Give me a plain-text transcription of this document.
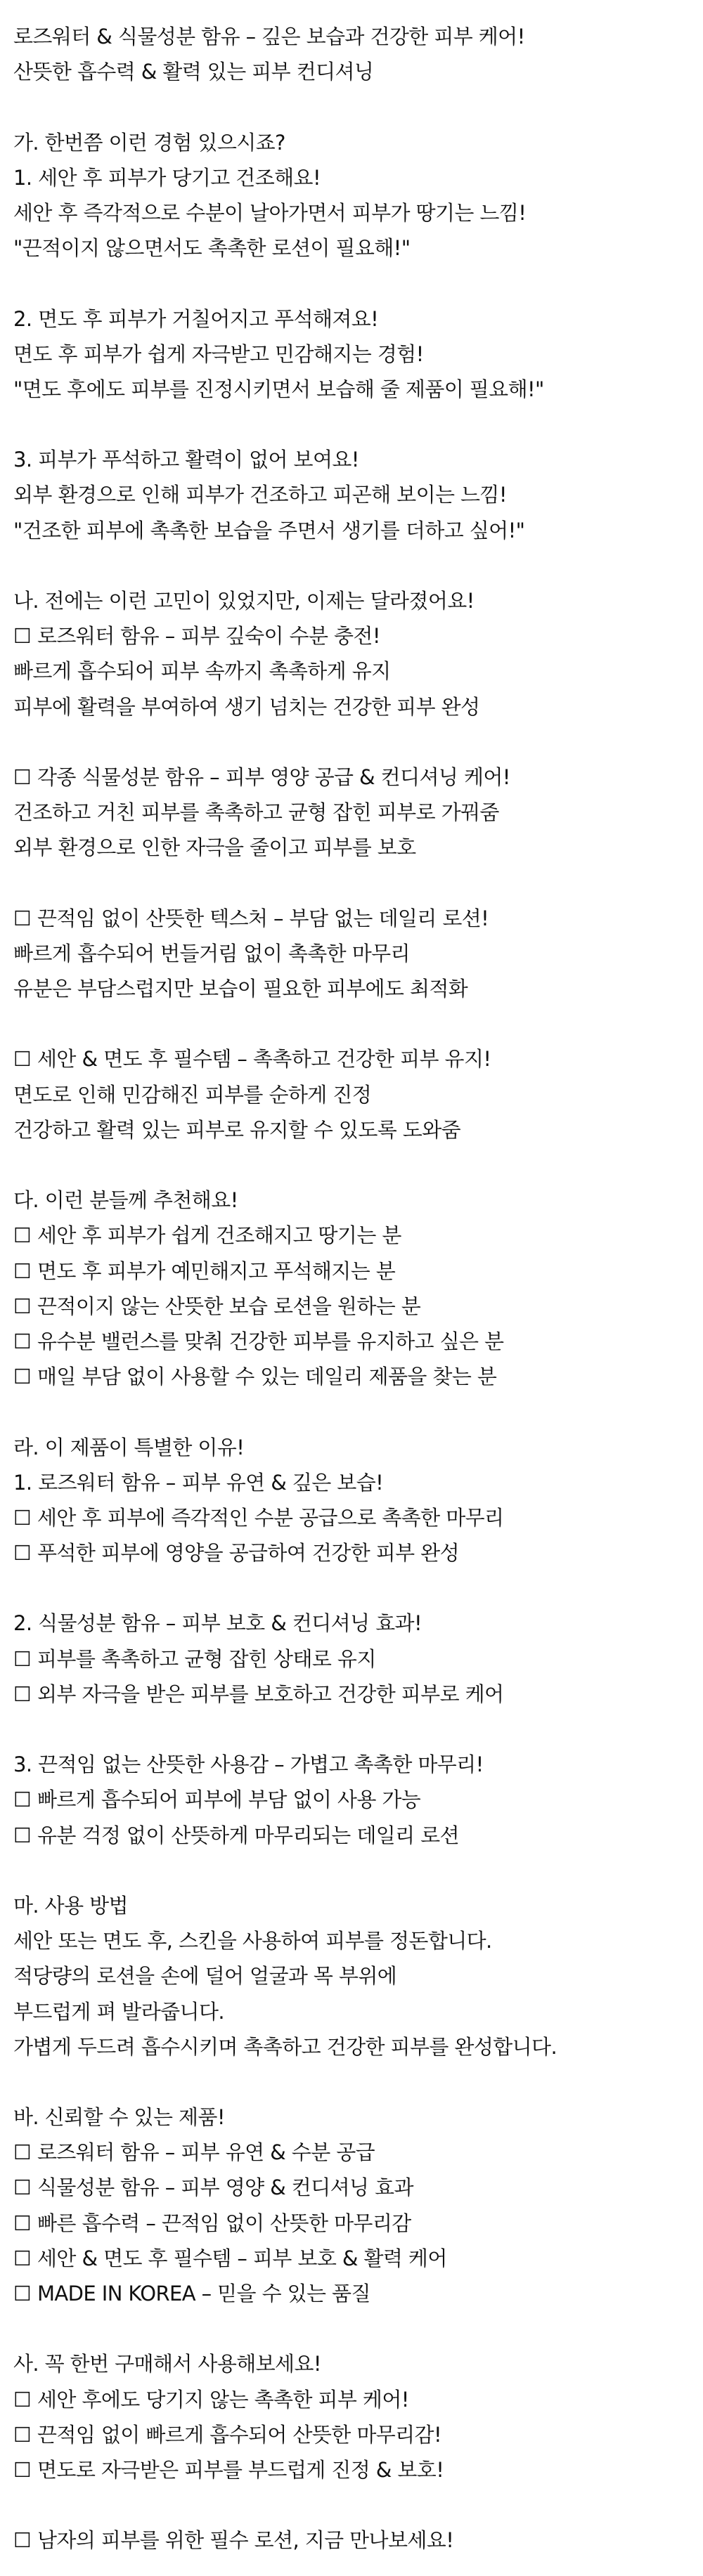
로즈워터 & 식물성분 함유 – 깊은 보습과 건강한 피부 케어!
산뜻한 흡수력 & 활력 있는 피부 컨디셔닝
가. 한번쯤 이런 경험 있으시죠?
1. 세안 후 피부가 당기고 건조해요!
세안 후 즉각적으로 수분이 날아가면서 피부가 땅기는 느낌!
"끈적이지 않으면서도 촉촉한 로션이 필요해!"
2. 면도 후 피부가 거칠어지고 푸석해져요!
면도 후 피부가 쉽게 자극받고 민감해지는 경험!
"면도 후에도 피부를 진정시키면서 보습해 줄 제품이 필요해!"
3. 피부가 푸석하고 활력이 없어 보여요!
외부 환경으로 인해 피부가 건조하고 피곤해 보이는 느낌!
"건조한 피부에 촉촉한 보습을 주면서 생기를 더하고 싶어!"
나. 전에는 이런 고민이 있었지만, 이제는 달라졌어요!
☐ 로즈워터 함유 – 피부 깊숙이 수분 충전!
빠르게 흡수되어 피부 속까지 촉촉하게 유지
피부에 활력을 부여하여 생기 넘치는 건강한 피부 완성
☐ 각종 식물성분 함유 – 피부 영양 공급 & 컨디셔닝 케어!
건조하고 거친 피부를 촉촉하고 균형 잡힌 피부로 가꿔줌
외부 환경으로 인한 자극을 줄이고 피부를 보호
☐ 끈적임 없이 산뜻한 텍스처 – 부담 없는 데일리 로션!
빠르게 흡수되어 번들거림 없이 촉촉한 마무리
유분은 부담스럽지만 보습이 필요한 피부에도 최적화
☐ 세안 & 면도 후 필수템 – 촉촉하고 건강한 피부 유지!
면도로 인해 민감해진 피부를 순하게 진정
건강하고 활력 있는 피부로 유지할 수 있도록 도와줌
다. 이런 분들께 추천해요!
☐ 세안 후 피부가 쉽게 건조해지고 땅기는 분
☐ 면도 후 피부가 예민해지고 푸석해지는 분
☐ 끈적이지 않는 산뜻한 보습 로션을 원하는 분
☐ 유수분 밸런스를 맞춰 건강한 피부를 유지하고 싶은 분
☐ 매일 부담 없이 사용할 수 있는 데일리 제품을 찾는 분
라. 이 제품이 특별한 이유!
1. 로즈워터 함유 – 피부 유연 & 깊은 보습!
☐ 세안 후 피부에 즉각적인 수분 공급으로 촉촉한 마무리
☐ 푸석한 피부에 영양을 공급하여 건강한 피부 완성
2. 식물성분 함유 – 피부 보호 & 컨디셔닝 효과!
☐ 피부를 촉촉하고 균형 잡힌 상태로 유지
☐ 외부 자극을 받은 피부를 보호하고 건강한 피부로 케어
3. 끈적임 없는 산뜻한 사용감 – 가볍고 촉촉한 마무리!
☐ 빠르게 흡수되어 피부에 부담 없이 사용 가능
☐ 유분 걱정 없이 산뜻하게 마무리되는 데일리 로션
마. 사용 방법
세안 또는 면도 후, 스킨을 사용하여 피부를 정돈합니다.
적당량의 로션을 손에 덜어 얼굴과 목 부위에
부드럽게 펴 발라줍니다.
가볍게 두드려 흡수시키며 촉촉하고 건강한 피부를 완성합니다.
바. 신뢰할 수 있는 제품!
☐ 로즈워터 함유 – 피부 유연 & 수분 공급
☐ 식물성분 함유 – 피부 영양 & 컨디셔닝 효과
☐ 빠른 흡수력 – 끈적임 없이 산뜻한 마무리감
☐ 세안 & 면도 후 필수템 – 피부 보호 & 활력 케어
☐ MADE IN KOREA – 믿을 수 있는 품질
사. 꼭 한번 구매해서 사용해보세요!
☐ 세안 후에도 당기지 않는 촉촉한 피부 케어!
☐ 끈적임 없이 빠르게 흡수되어 산뜻한 마무리감!
☐ 면도로 자극받은 피부를 부드럽게 진정 & 보호!
☐ 남자의 피부를 위한 필수 로션, 지금 만나보세요!
